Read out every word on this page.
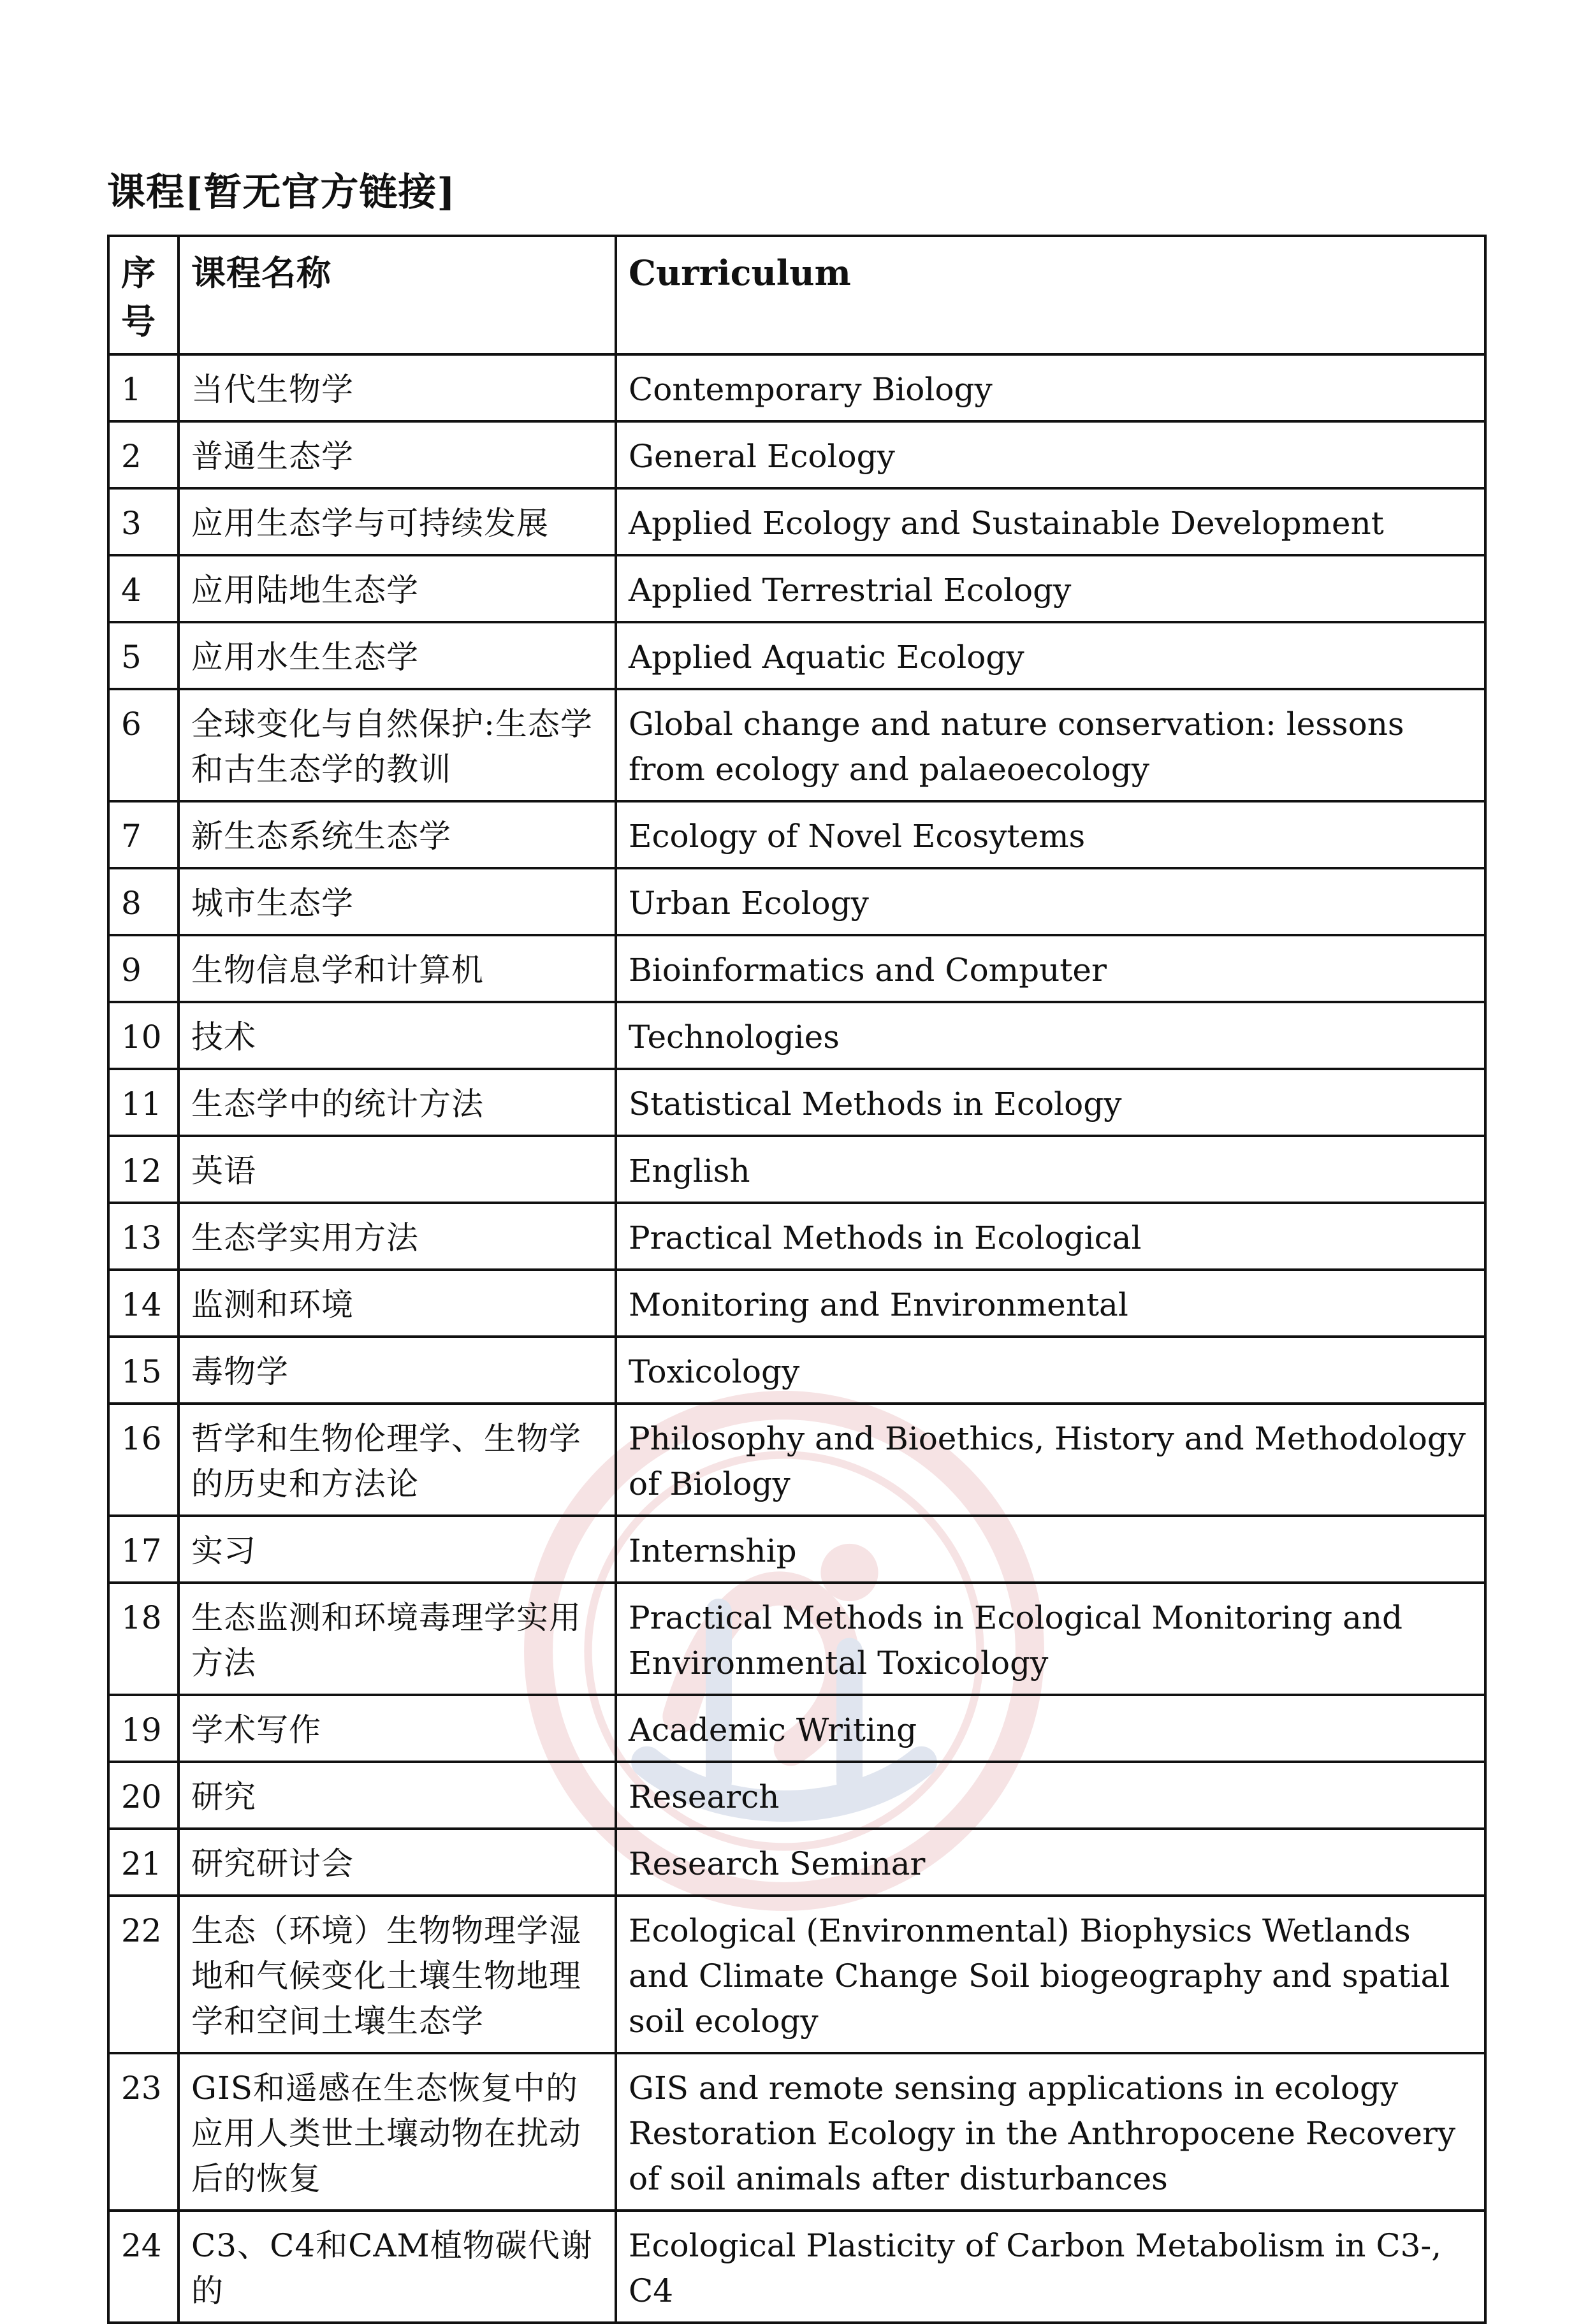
课程[暂无官方链接]
序号	课程名称	Curriculum
1	当代生物学	Contemporary Biology
2	普通生态学	General Ecology
3	应用生态学与可持续发展	Applied Ecology and Sustainable Development
4	应用陆地生态学	Applied Terrestrial Ecology
5	应用水生生态学	Applied Aquatic Ecology
6	全球变化与自然保护:生态学和古生态学的教训	Global change and nature conservation: lessons from ecology and palaeoecology
7	新生态系统生态学	Ecology of Novel Ecosytems
8	城市生态学	Urban Ecology
9	生物信息学和计算机	Bioinformatics and Computer
10	技术	Technologies
11	生态学中的统计方法	Statistical Methods in Ecology
12	英语	English
13	生态学实用方法	Practical Methods in Ecological
14	监测和环境	Monitoring and Environmental
15	毒物学	Toxicology
16	哲学和生物伦理学、生物学的历史和方法论	Philosophy and Bioethics, History and Methodology of Biology
17	实习	Internship
18	生态监测和环境毒理学实用方法	Practical Methods in Ecological Monitoring and Environmental Toxicology
19	学术写作	Academic Writing
20	研究	Research
21	研究研讨会	Research Seminar
22	生态（环境）生物物理学湿地和气候变化土壤生物地理学和空间土壤生态学	Ecological (Environmental) Biophysics Wetlands and Climate Change Soil biogeography and spatial soil ecology
23	GIS和遥感在生态恢复中的应用人类世土壤动物在扰动后的恢复	GIS and remote sensing applications in ecology Restoration Ecology in the Anthropocene Recovery of soil animals after disturbances
24	C3、C4和CAM植物碳代谢的	Ecological Plasticity of Carbon Metabolism in C3-, C4
